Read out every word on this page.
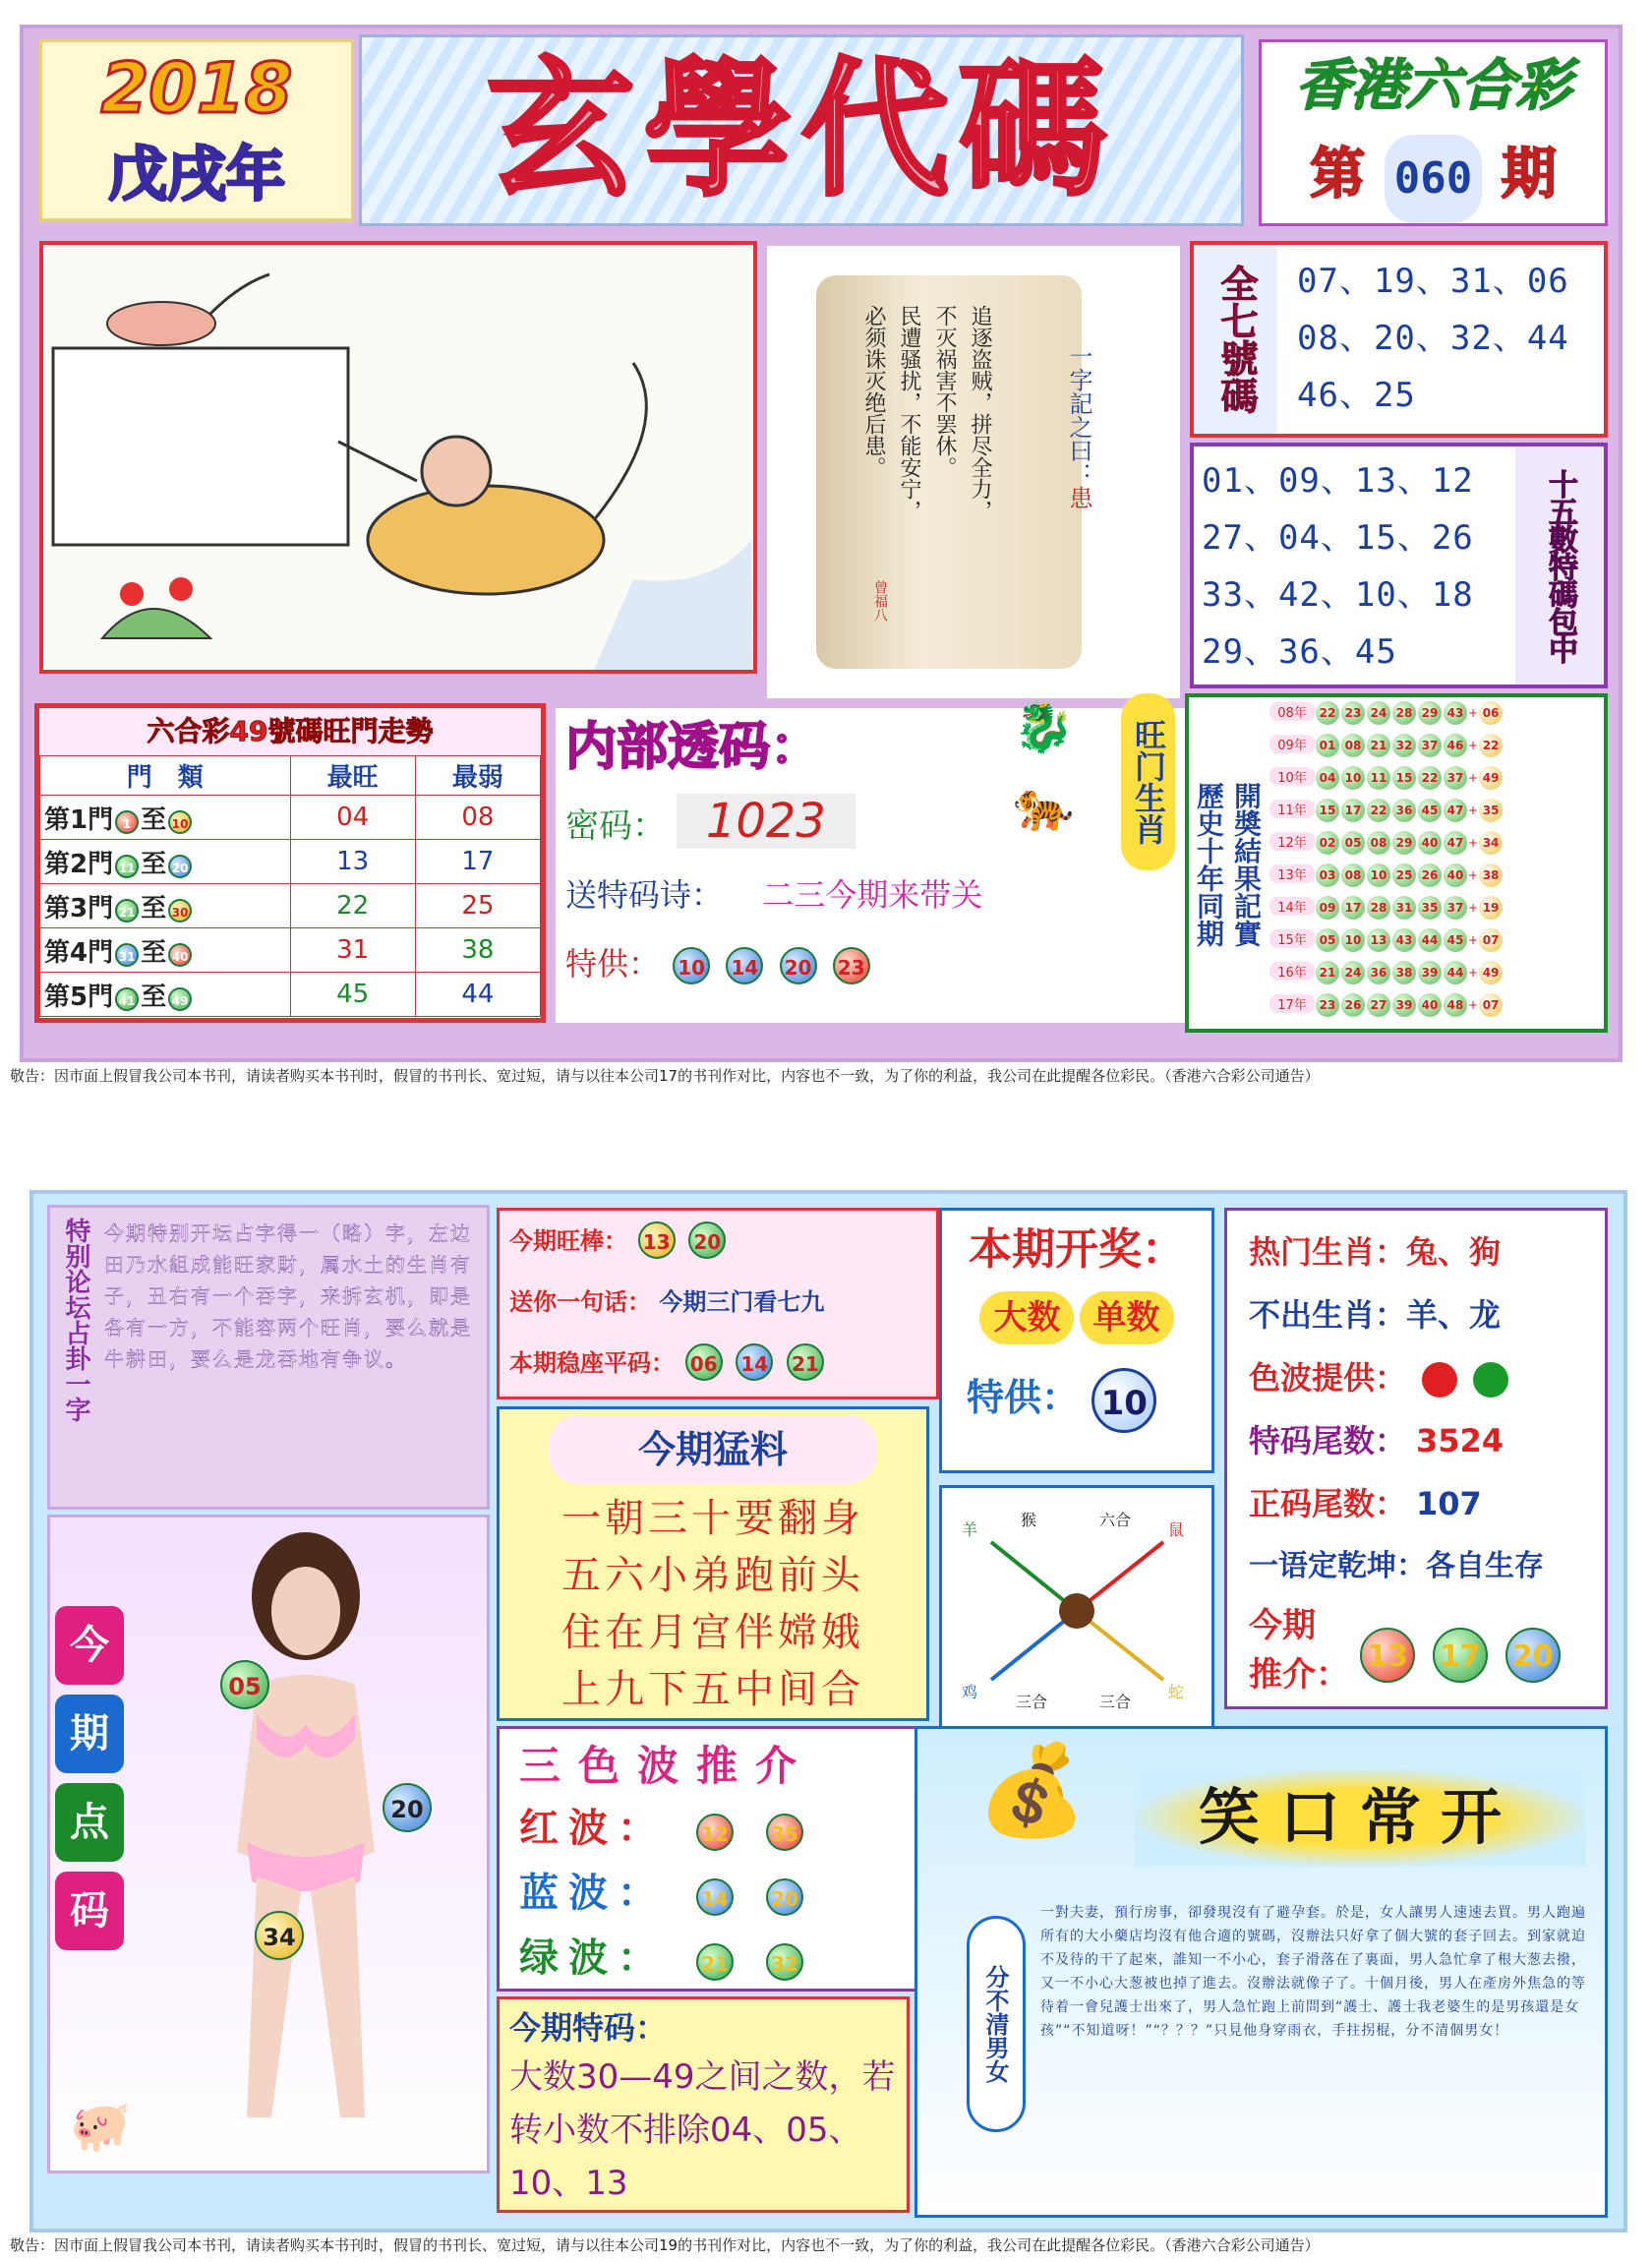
2018
戊戌年	玄學代碼	香港六合彩
第 060 期
一字記之曰：患
追逐盗贼，拼尽全力，
不灭祸害不罢休。
民遭骚扰，不能安宁，
必须诛灭绝后患。
曾福八
全七號碼	07、19、31、06
08、20、32、44
46、25
01、09、13、12
27、04、15、26
33、42、10、18
29、36、45	十五數特碼包中
六合彩49號碼旺門走勢
門　類	最旺	最弱
第1門 1 至 10	04	08
第2門 11 至 20	13	17
第3門 21 至 30	22	25
第4門 31 至 40	31	38
第5門 41 至 49	45	44
内部透码：
密码： 1023
送特码诗： 二三今期来带关
特供： 10 14 20 23
🐉
🐅 旺门生肖 歷史十年同期 開奬結果記實
08年 22 23 24 28 29 43 + 06
09年 01 08 21 32 37 46 + 22
10年 04 10 11 15 22 37 + 49
11年 15 17 22 36 45 47 + 35
12年 02 05 08 29 40 47 + 34
13年 03 08 10 25 26 40 + 38
14年 09 17 28 31 35 37 + 19
15年 05 10 13 43 44 45 + 07
16年 21 24 36 38 39 44 + 49
17年 23 26 27 39 40 48 + 07
敬告：因市面上假冒我公司本书刊，请读者购买本书刊时，假冒的书刊长、宽过短，请与以往本公司17的书刊作对比，内容也不一致，为了你的利益，我公司在此提醒各位彩民。（香港六合彩公司通告）
特别论坛占卦一字 今期特别开坛占字得一（略）字，左边田乃水組成能旺家財，属水土的生肖有子，丑右有一个吞字，来拆玄机，即是各有一方，不能容两个旺肖，要么就是牛耕田，要么是龙吞地有争议。
今
期
点
码
05
20
34
🐖
今期旺棒： 13 20
送你一句话： 今期三门看七九
本期稳座平码： 06 14 21
本期开奖：
大数 单数
特供： 10
热门生肖：兔、狗
不出生肖：羊、龙
色波提供：
特码尾数： 3524
正码尾数： 107
一语定乾坤：各自生存
今期
推介： 13 17 20
今期猛料
一朝三十要翻身
五六小弟跑前头
住在月宫伴嫦娥
上九下五中间合
羊
猴	六合
鼠
鸡
三合	三合
蛇
三色波推介
红波： 12 35
蓝波： 14 20
绿波： 21 32
今期特码：
大数30—49之间之数，若转小数不排除04、05、10、13
💰	笑口常开
分不清男女
一對夫妻，預行房事，卻發現沒有了避孕套。於是，女人讓男人速速去買。男人跑遍所有的大小藥店均沒有他合適的號碼，沒辦法只好拿了個大號的套子回去。到家就迫不及待的干了起來，誰知一不小心，套子滑落在了裏面，男人急忙拿了根大葱去撥，又一不小心大葱被也掉了進去。沒辦法就像子了。十個月後，男人在產房外焦急的等待着一會兒護士出來了，男人急忙跑上前問到“護士、護士我老婆生的是男孩還是女孩”“不知道呀！”“？？？”只見他身穿雨衣，手拄拐棍，分不清個男女！
敬告：因市面上假冒我公司本书刊，请读者购买本书刊时，假冒的书刊长、宽过短，请与以往本公司19的书刊作对比，内容也不一致，为了你的利益，我公司在此提醒各位彩民。（香港六合彩公司通告）
